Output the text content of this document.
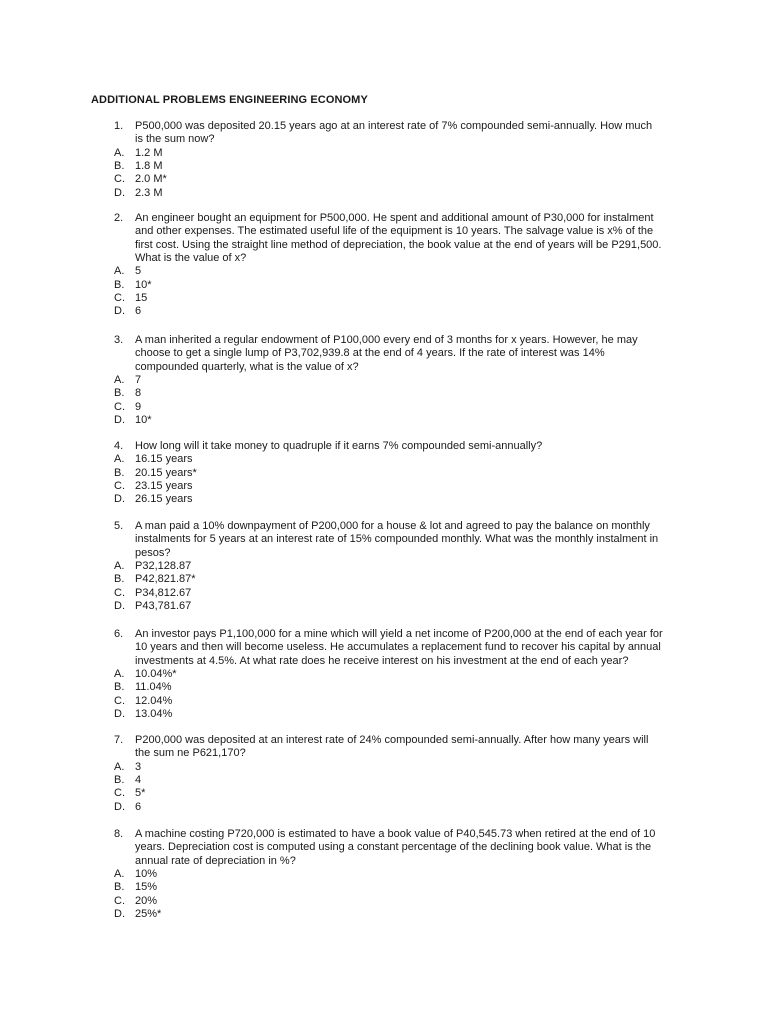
ADDITIONAL PROBLEMS ENGINEERING ECONOMY
1. P500,000 was deposited 20.15 years ago at an interest rate of 7% compounded semi-annually. How much
is the sum now?
A. 1.2 M
B. 1.8 M
C. 2.0 M*
D. 2.3 M
2. An engineer bought an equipment for P500,000. He spent and additional amount of P30,000 for instalment
and other expenses. The estimated useful life of the equipment is 10 years. The salvage value is x% of the
first cost. Using the straight line method of depreciation, the book value at the end of years will be P291,500.
What is the value of x?
A. 5
B. 10*
C. 15
D. 6
3. A man inherited a regular endowment of P100,000 every end of 3 months for x years. However, he may
choose to get a single lump of P3,702,939.8 at the end of 4 years. If the rate of interest was 14%
compounded quarterly, what is the value of x?
A. 7
B. 8
C. 9
D. 10*
4. How long will it take money to quadruple if it earns 7% compounded semi-annually?
A. 16.15 years
B. 20.15 years*
C. 23.15 years
D. 26.15 years
5. A man paid a 10% downpayment of P200,000 for a house & lot and agreed to pay the balance on monthly
instalments for 5 years at an interest rate of 15% compounded monthly. What was the monthly instalment in
pesos?
A. P32,128.87
B. P42,821.87*
C. P34,812.67
D. P43,781.67
6. An investor pays P1,100,000 for a mine which will yield a net income of P200,000 at the end of each year for
10 years and then will become useless. He accumulates a replacement fund to recover his capital by annual
investments at 4.5%. At what rate does he receive interest on his investment at the end of each year?
A. 10.04%*
B. 11.04%
C. 12.04%
D. 13.04%
7. P200,000 was deposited at an interest rate of 24% compounded semi-annually. After how many years will
the sum ne P621,170?
A. 3
B. 4
C. 5*
D. 6
8. A machine costing P720,000 is estimated to have a book value of P40,545.73 when retired at the end of 10
years. Depreciation cost is computed using a constant percentage of the declining book value. What is the
annual rate of depreciation in %?
A. 10%
B. 15%
C. 20%
D. 25%*
